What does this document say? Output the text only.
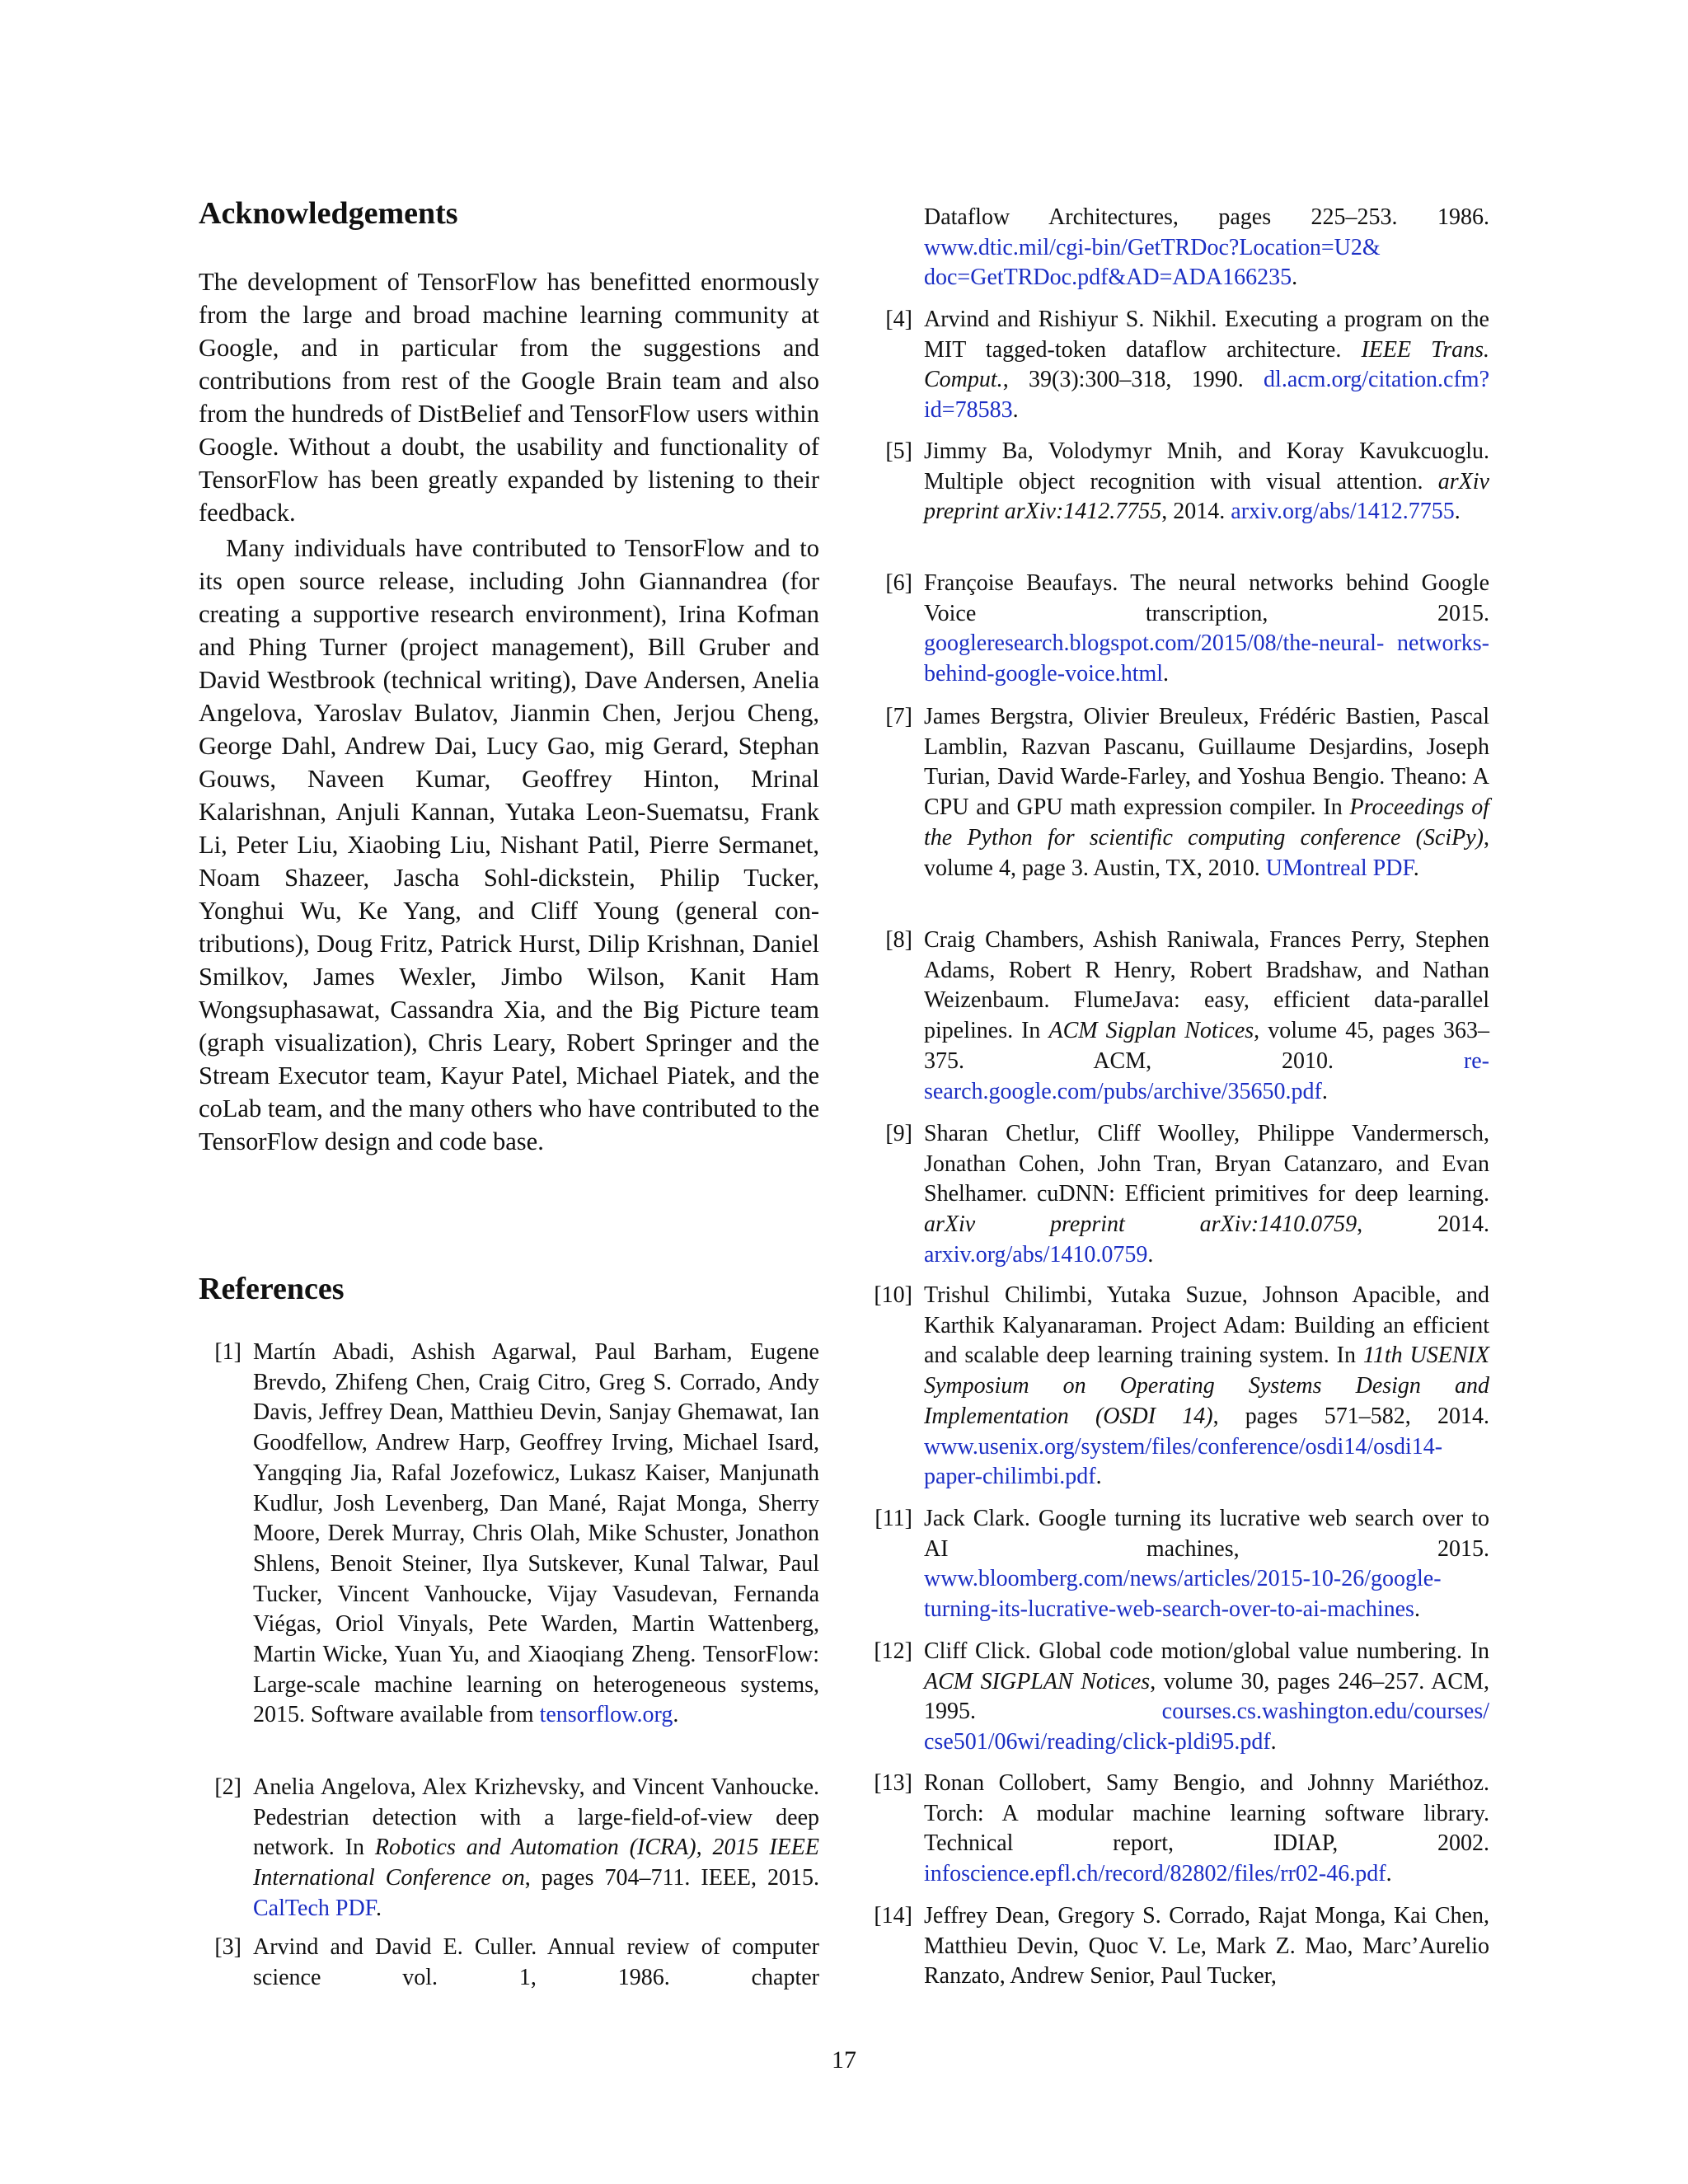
Acknowledgements

The development of TensorFlow has benefitted enormously from the large and broad machine learning community at Google, and in particular from the suggestions and contributions from rest of the Google Brain team and also from the hundreds of DistBelief and TensorFlow users within Google. Without a doubt, the usability and functionality of TensorFlow has been greatly expanded by listening to their feedback.

Many individuals have contributed to TensorFlow and to its open source release, including John Giannandrea (for creating a supportive research environment), Irina Kofman and Phing Turner (project management), Bill Gruber and David Westbrook (technical writing), Dave Andersen, Anelia Angelova, Yaroslav Bulatov, Jianmin Chen, Jerjou Cheng, George Dahl, Andrew Dai, Lucy Gao, mig Gerard, Stephan Gouws, Naveen Kumar, Geoffrey Hinton, Mrinal Kalarishnan, Anjuli Kannan, Yutaka Leon-Suematsu, Frank Li, Peter Liu, Xiaobing Liu, Nishant Patil, Pierre Sermanet, Noam Shazeer, Jascha Sohl-dickstein, Philip Tucker, Yonghui Wu, Ke Yang, and Cliff Young (general contributions), Doug Fritz, Patrick Hurst, Dilip Krishnan, Daniel Smilkov, James Wexler, Jimbo Wilson, Kanit Ham Wongsuphasawat, Cassandra Xia, and the Big Picture team (graph visualization), Chris Leary, Robert Springer and the Stream Executor team, Kayur Patel, Michael Piatek, and the coLab team, and the many others who have contributed to the TensorFlow design and code base.

References
[1] Martín Abadi, Ashish Agarwal, Paul Barham, Eugene Brevdo, Zhifeng Chen, Craig Citro, Greg S. Corrado, Andy Davis, Jeffrey Dean, Matthieu Devin, Sanjay Ghemawat, Ian Goodfellow, Andrew Harp, Geoffrey Irving, Michael Isard, Yangqing Jia, Rafal Jozefowicz, Lukasz Kaiser, Manjunath Kudlur, Josh Levenberg, Dan Mané, Rajat Monga, Sherry Moore, Derek Murray, Chris Olah, Mike Schuster, Jonathon Shlens, Benoit Steiner, Ilya Sutskever, Kunal Talwar, Paul Tucker, Vincent Vanhoucke, Vijay Vasudevan, Fernanda Viégas, Oriol Vinyals, Pete Warden, Martin Wattenberg, Martin Wicke, Yuan Yu, and Xiaoqiang Zheng. TensorFlow: Large-scale machine learning on heterogeneous systems, 2015. Software available from tensorflow.org.
[2] Anelia Angelova, Alex Krizhevsky, and Vincent Vanhoucke. Pedestrian detection with a large-field-of-view deep network. In Robotics and Automation (ICRA), 2015 IEEE International Conference on, pages 704–711. IEEE, 2015. CalTech PDF.
[3] Arvind and David E. Culler. Annual review of computer science vol. 1, 1986. chapter
Dataflow Architectures, pages 225–253. 1986. www.dtic.mil/cgi-bin/GetTRDoc?Location=U2& doc=GetTRDoc.pdf&AD=ADA166235.
[4] Arvind and Rishiyur S. Nikhil. Executing a program on the MIT tagged-token dataflow architecture. IEEE Trans. Comput., 39(3):300–318, 1990. dl.acm.org/citation.cfm?id=78583.
[5] Jimmy Ba, Volodymyr Mnih, and Koray Kavukcuoglu. Multiple object recognition with visual attention. arXiv preprint arXiv:1412.7755, 2014. arxiv.org/abs/1412.7755.
[6] Françoise Beaufays. The neural networks behind Google Voice transcription, 2015. googleresearch.blogspot.com/2015/08/the-neural- networks-behind-google-voice.html.
[7] James Bergstra, Olivier Breuleux, Frédéric Bastien, Pascal Lamblin, Razvan Pascanu, Guillaume Desjardins, Joseph Turian, David Warde-Farley, and Yoshua Bengio. Theano: A CPU and GPU math expression compiler. In Proceedings of the Python for scientific computing conference (SciPy), volume 4, page 3. Austin, TX, 2010. UMontreal PDF.
[8] Craig Chambers, Ashish Raniwala, Frances Perry, Stephen Adams, Robert R Henry, Robert Bradshaw, and Nathan Weizenbaum. FlumeJava: easy, efficient data-parallel pipelines. In ACM Sigplan Notices, volume 45, pages 363–375. ACM, 2010. research.google.com/pubs/archive/35650.pdf.
[9] Sharan Chetlur, Cliff Woolley, Philippe Vandermersch, Jonathan Cohen, John Tran, Bryan Catanzaro, and Evan Shelhamer. cuDNN: Efficient primitives for deep learning. arXiv preprint arXiv:1410.0759, 2014. arxiv.org/abs/1410.0759.
[10] Trishul Chilimbi, Yutaka Suzue, Johnson Apacible, and Karthik Kalyanaraman. Project Adam: Building an efficient and scalable deep learning training system. In 11th USENIX Symposium on Operating Systems Design and Implementation (OSDI 14), pages 571–582, 2014. www.usenix.org/system/files/conference/osdi14/osdi14- paper-chilimbi.pdf.
[11] Jack Clark. Google turning its lucrative web search over to AI machines, 2015. www.bloomberg.com/news/articles/2015-10-26/google- turning-its-lucrative-web-search-over-to-ai-machines.
[12] Cliff Click. Global code motion/global value numbering. In ACM SIGPLAN Notices, volume 30, pages 246–257. ACM, 1995. courses.cs.washington.edu/courses/ cse501/06wi/reading/click-pldi95.pdf.
[13] Ronan Collobert, Samy Bengio, and Johnny Mariéthoz. Torch: A modular machine learning software library. Technical report, IDIAP, 2002. infoscience.epfl.ch/record/82802/files/rr02-46.pdf.
[14] Jeffrey Dean, Gregory S. Corrado, Rajat Monga, Kai Chen, Matthieu Devin, Quoc V. Le, Mark Z. Mao, Marc’Aurelio Ranzato, Andrew Senior, Paul Tucker,
17
